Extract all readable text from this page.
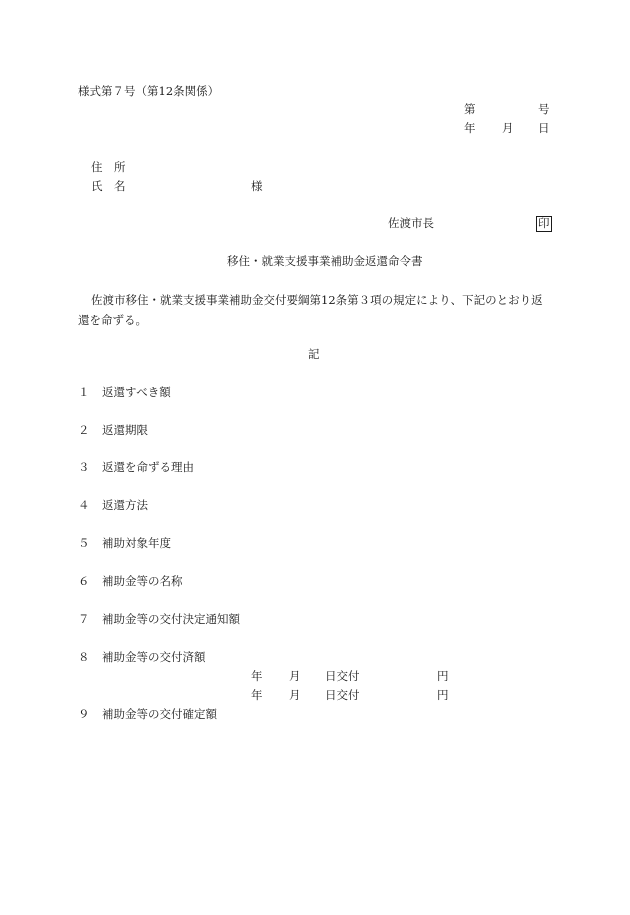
様式第７号（第12条関係）
第	号
年 月 日
住　所
氏　名	様
佐渡市長	印
移住・就業支援事業補助金返還命令書
佐渡市移住・就業支援事業補助金交付要綱第12条第３項の規定により、下記のとおり返還を命ずる。
記
１ 返還すべき額
２ 返還期限
３ 返還を命ずる理由
４ 返還方法
５ 補助対象年度
６ 補助金等の名称
７ 補助金等の交付決定通知額
８ 補助金等の交付済額
年 月 日交付	円
年 月 日交付	円
９ 補助金等の交付確定額
